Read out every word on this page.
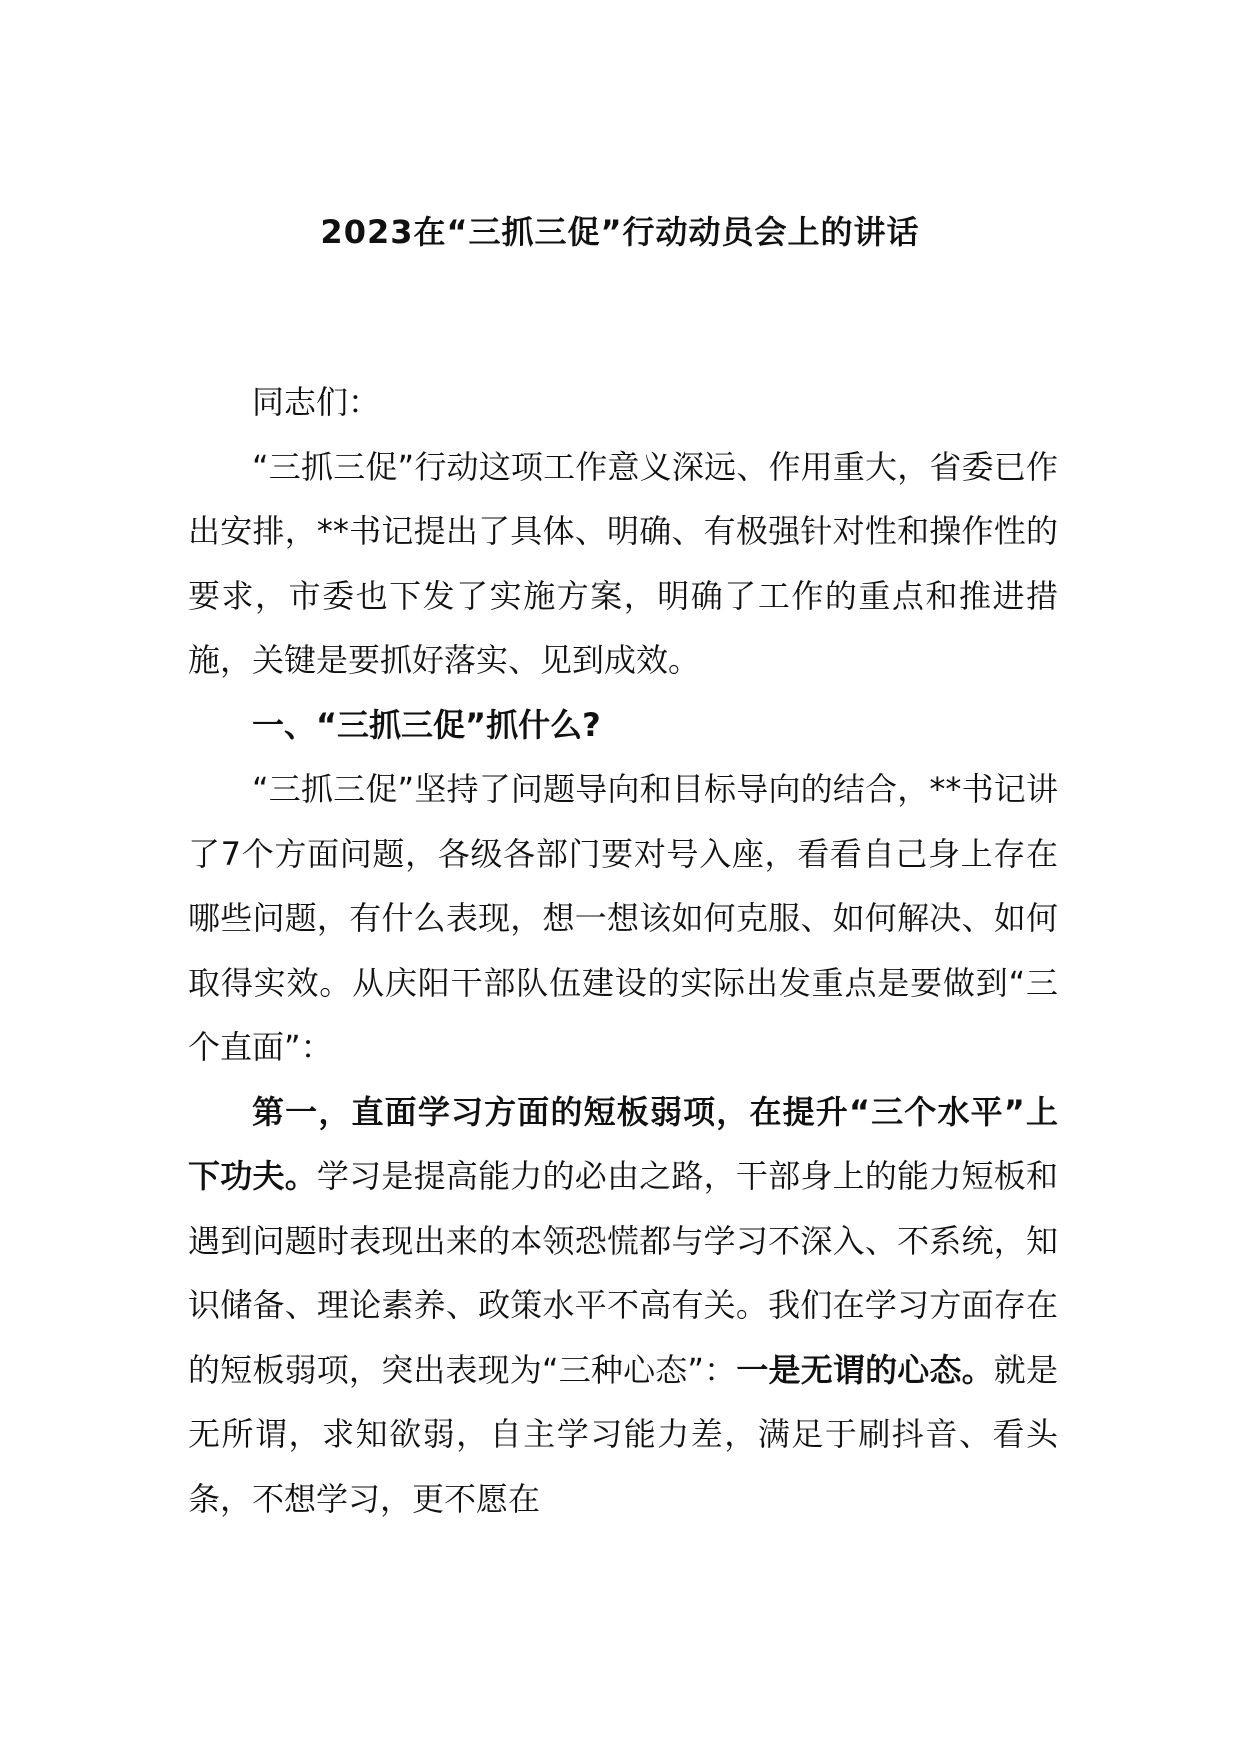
2023在“三抓三促”行动动员会上的讲话

同志们：

“三抓三促”行动这项工作意义深远、作用重大，省委已作出安排，**书记提出了具体、明确、有极强针对性和操作性的要求，市委也下发了实施方案，明确了工作的重点和推进措施，关键是要抓好落实、见到成效。

一、“三抓三促”抓什么?

“三抓三促”坚持了问题导向和目标导向的结合，**书记讲了7个方面问题，各级各部门要对号入座，看看自己身上存在哪些问题，有什么表现，想一想该如何克服、如何解决、如何取得实效。从庆阳干部队伍建设的实际出发重点是要做到“三个直面”：

第一，直面学习方面的短板弱项，在提升“三个水平”上下功夫。学习是提高能力的必由之路，干部身上的能力短板和遇到问题时表现出来的本领恐慌都与学习不深入、不系统，知识储备、理论素养、政策水平不高有关。我们在学习方面存在的短板弱项，突出表现为“三种心态”：一是无谓的心态。就是无所谓，求知欲弱，自主学习能力差，满足于刷抖音、看头条，不想学习，更不愿在
